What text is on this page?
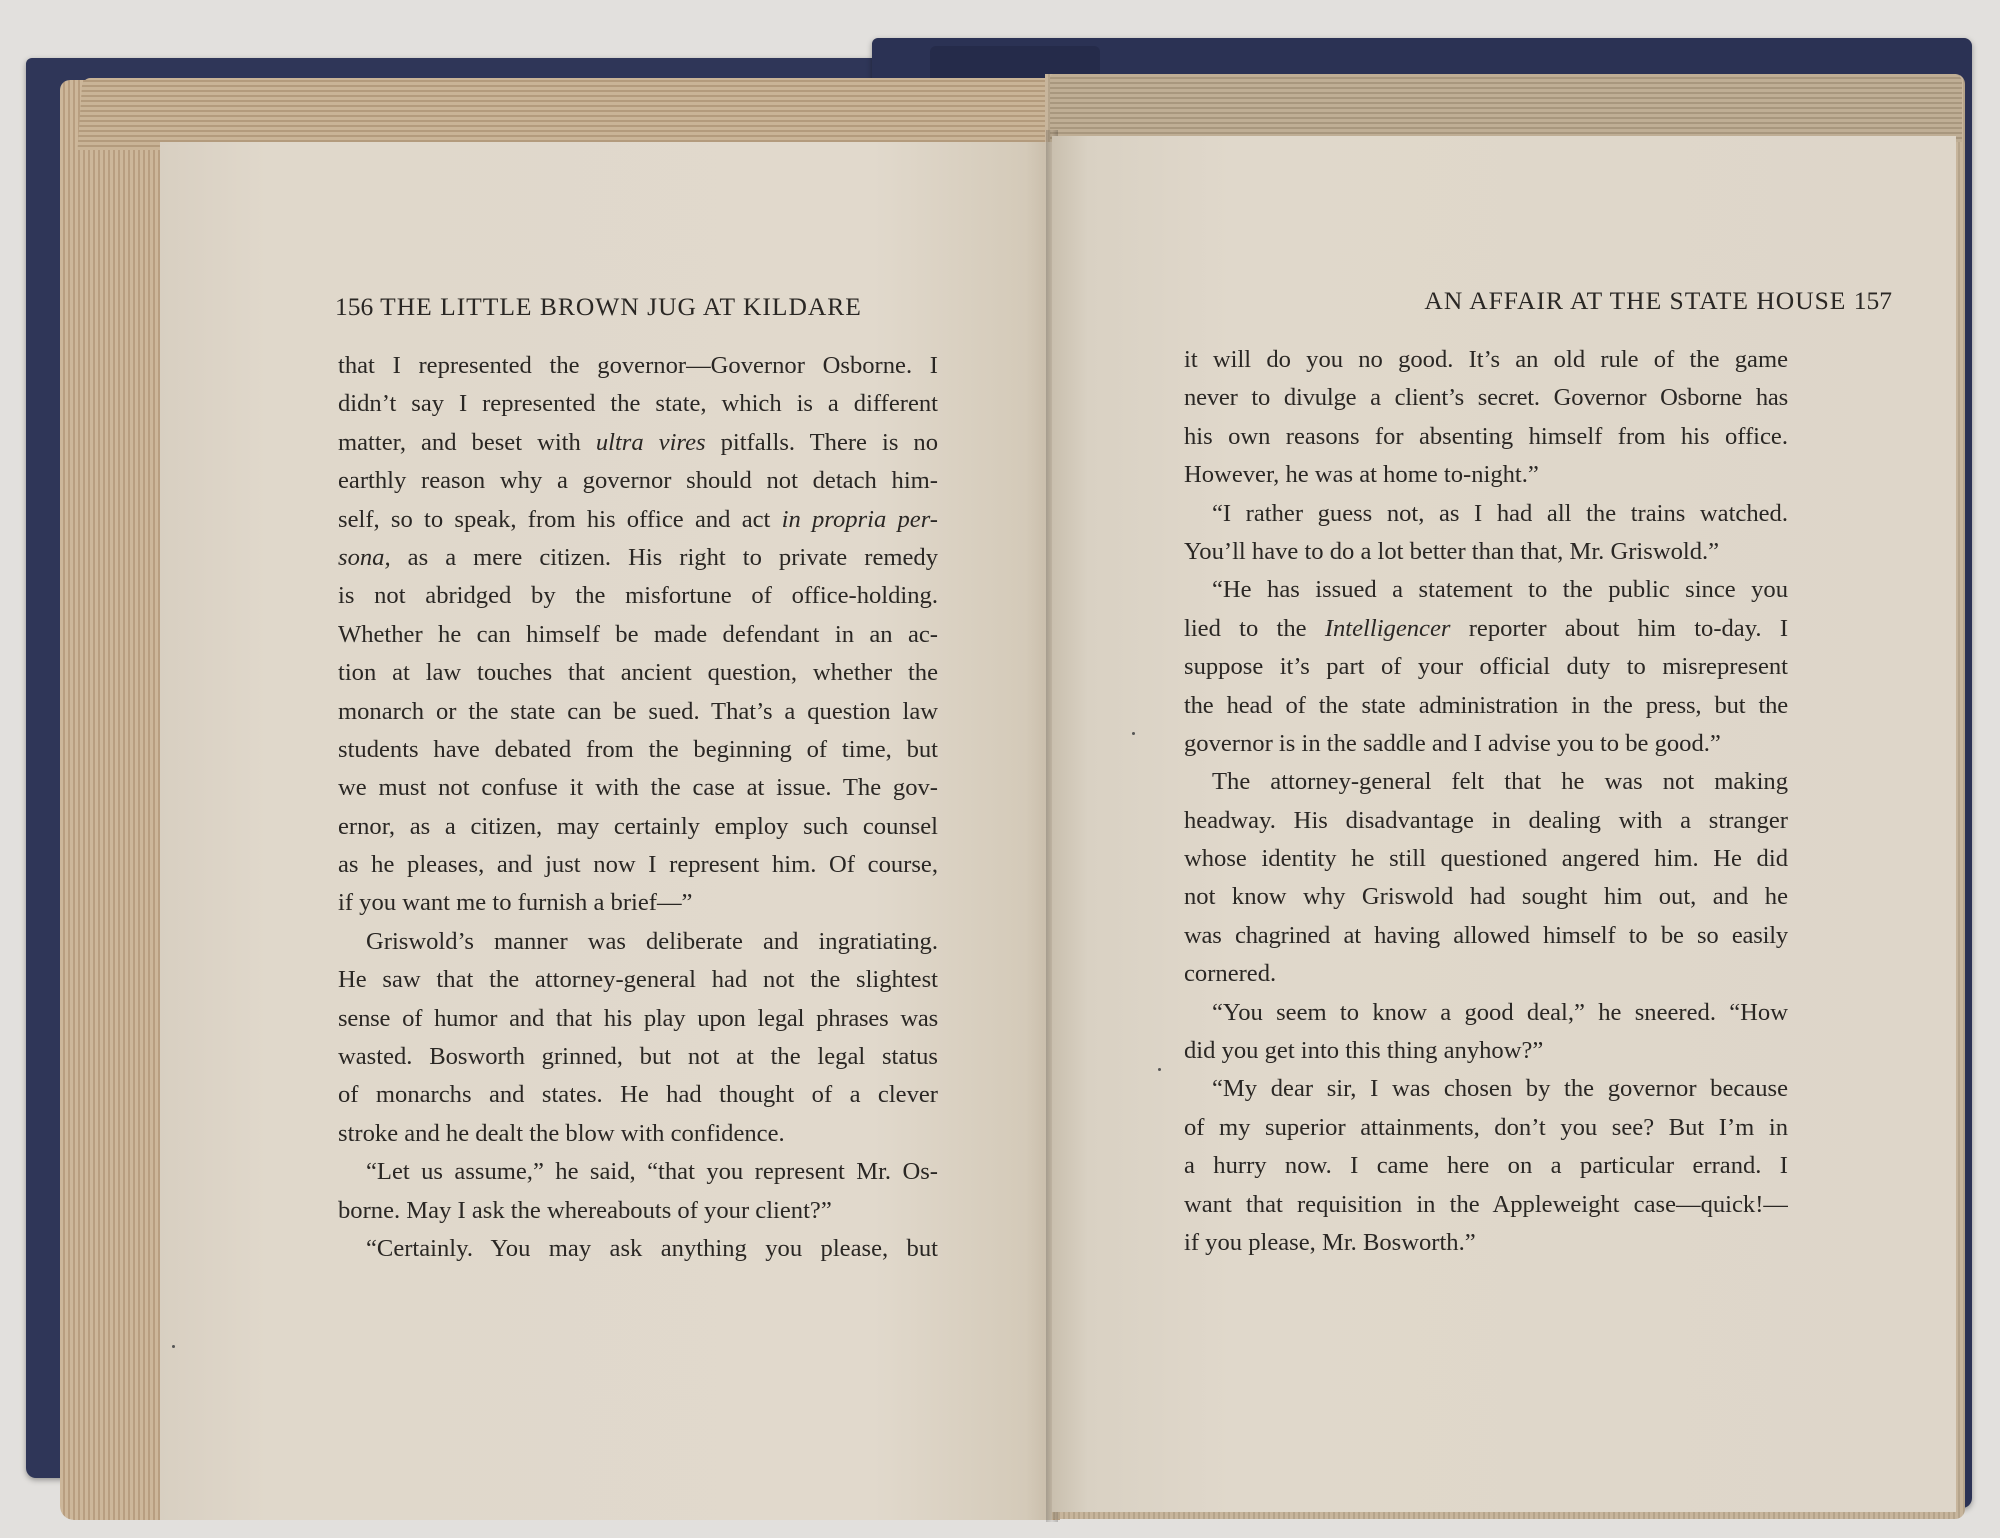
156 THE LITTLE BROWN JUG AT KILDARE
that I represented the governor—Governor Osborne. I
didn’t say I represented the state, which is a different
matter, and beset with ultra vires pitfalls. There is no
earthly reason why a governor should not detach him-
self, so to speak, from his office and act in propria per-
sona, as a mere citizen. His right to private remedy
is not abridged by the misfortune of office-holding.
Whether he can himself be made defendant in an ac-
tion at law touches that ancient question, whether the
monarch or the state can be sued. That’s a question law
students have debated from the beginning of time, but
we must not confuse it with the case at issue. The gov-
ernor, as a citizen, may certainly employ such counsel
as he pleases, and just now I represent him. Of course,
if you want me to furnish a brief—”
Griswold’s manner was deliberate and ingratiating.
He saw that the attorney-general had not the slightest
sense of humor and that his play upon legal phrases was
wasted. Bosworth grinned, but not at the legal status
of monarchs and states. He had thought of a clever
stroke and he dealt the blow with confidence.
“Let us assume,” he said, “that you represent Mr. Os-
borne. May I ask the whereabouts of your client?”
“Certainly. You may ask anything you please, but
AN AFFAIR AT THE STATE HOUSE 157
it will do you no good. It’s an old rule of the game
never to divulge a client’s secret. Governor Osborne has
his own reasons for absenting himself from his office.
However, he was at home to-night.”
“I rather guess not, as I had all the trains watched.
You’ll have to do a lot better than that, Mr. Griswold.”
“He has issued a statement to the public since you
lied to the Intelligencer reporter about him to-day. I
suppose it’s part of your official duty to misrepresent
the head of the state administration in the press, but the
governor is in the saddle and I advise you to be good.”
The attorney-general felt that he was not making
headway. His disadvantage in dealing with a stranger
whose identity he still questioned angered him. He did
not know why Griswold had sought him out, and he
was chagrined at having allowed himself to be so easily
cornered.
“You seem to know a good deal,” he sneered. “How
did you get into this thing anyhow?”
“My dear sir, I was chosen by the governor because
of my superior attainments, don’t you see? But I’m in
a hurry now. I came here on a particular errand. I
want that requisition in the Appleweight case—quick!—
if you please, Mr. Bosworth.”
